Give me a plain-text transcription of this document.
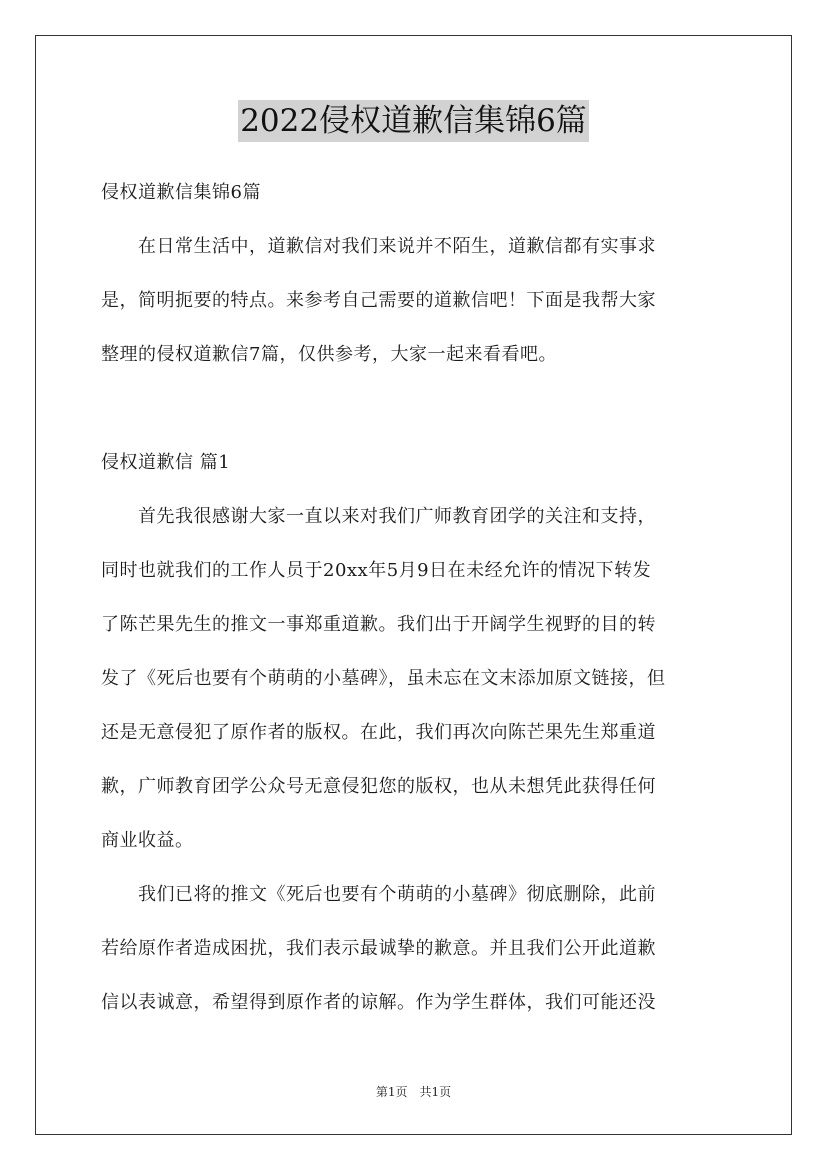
2022侵权道歉信集锦6篇
侵权道歉信集锦6篇
　　在日常生活中，道歉信对我们来说并不陌生，道歉信都有实事求
是，简明扼要的特点。来参考自己需要的道歉信吧！下面是我帮大家
整理的侵权道歉信7篇，仅供参考，大家一起来看看吧。
侵权道歉信 篇1
　　首先我很感谢大家一直以来对我们广师教育团学的关注和支持，
同时也就我们的工作人员于20xx年5月9日在未经允许的情况下转发
了陈芒果先生的推文一事郑重道歉。我们出于开阔学生视野的目的转
发了《死后也要有个萌萌的小墓碑》，虽未忘在文末添加原文链接，但
还是无意侵犯了原作者的版权。在此，我们再次向陈芒果先生郑重道
歉，广师教育团学公众号无意侵犯您的版权，也从未想凭此获得任何
商业收益。
　　我们已将的推文《死后也要有个萌萌的小墓碑》彻底删除，此前
若给原作者造成困扰，我们表示最诚挚的歉意。并且我们公开此道歉
信以表诚意，希望得到原作者的谅解。作为学生群体，我们可能还没
第1页　共1页
